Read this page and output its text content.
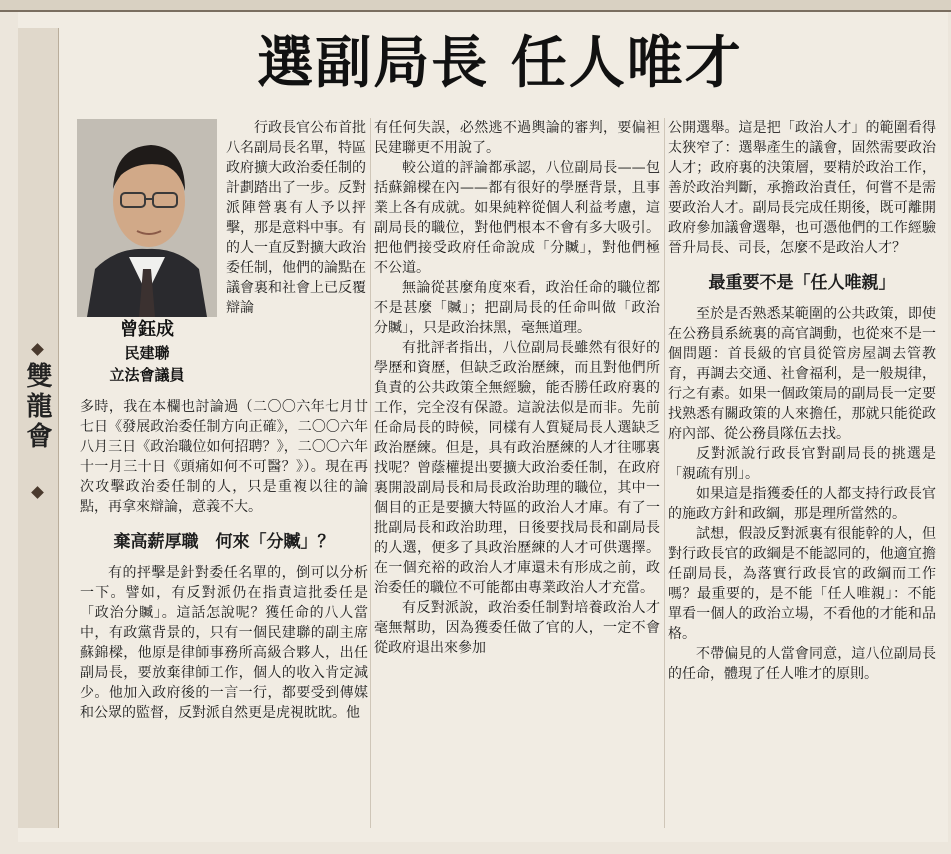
雙龍會
選副局長 任人唯才
曾鈺成
民建聯
立法會議員

行政長官公布首批八名副局長名單，特區政府擴大政治委任制的計劃踏出了一步。反對派陣營裏有人予以抨擊，那是意料中事。有的人一直反對擴大政治委任制，他們的論點在議會裏和社會上已反覆辯論

多時，我在本欄也討論過（二〇〇六年七月廿七日《發展政治委任制方向正確》，二〇〇六年八月三日《政治職位如何招聘？》，二〇〇六年十一月三十日《頭痛如何不可醫？》）。現在再次攻擊政治委任制的人，只是重複以往的論點，再拿來辯論，意義不大。

棄高薪厚職　何來「分贓」？

有的抨擊是針對委任名單的，倒可以分析一下。譬如，有反對派仍在指責這批委任是「政治分贓」。這話怎說呢？獲任命的八人當中，有政黨背景的，只有一個民建聯的副主席蘇錦樑，他原是律師事務所高級合夥人，出任副局長，要放棄律師工作，個人的收入肯定減少。他加入政府後的一言一行，都要受到傳媒和公眾的監督，反對派自然更是虎視眈眈。他

有任何失誤，必然逃不過輿論的審判，要偏袒民建聯更不用說了。

較公道的評論都承認，八位副局長——包括蘇錦樑在內——都有很好的學歷背景，且事業上各有成就。如果純粹從個人利益考慮，這副局長的職位，對他們根本不會有多大吸引。把他們接受政府任命說成「分贓」，對他們極不公道。

無論從甚麼角度來看，政治任命的職位都不是甚麼「贓」；把副局長的任命叫做「政治分贓」，只是政治抹黑，毫無道理。

有批評者指出，八位副局長雖然有很好的學歷和資歷，但缺乏政治歷練，而且對他們所負責的公共政策全無經驗，能否勝任政府裏的工作，完全沒有保證。這說法似是而非。先前任命局長的時候，同樣有人質疑局長人選缺乏政治歷練。但是，具有政治歷練的人才往哪裏找呢？曾蔭權提出要擴大政治委任制，在政府裏開設副局長和局長政治助理的職位，其中一個目的正是要擴大特區的政治人才庫。有了一批副局長和政治助理，日後要找局長和副局長的人選，便多了具政治歷練的人才可供選擇。在一個充裕的政治人才庫還未有形成之前，政治委任的職位不可能都由專業政治人才充當。

有反對派說，政治委任制對培養政治人才毫無幫助，因為獲委任做了官的人，一定不會從政府退出來參加

公開選舉。這是把「政治人才」的範圍看得太狹窄了：選舉產生的議會，固然需要政治人才；政府裏的決策層，要精於政治工作，善於政治判斷，承擔政治責任，何嘗不是需要政治人才。副局長完成任期後，既可離開政府參加議會選舉，也可憑他們的工作經驗晉升局長、司長，怎麼不是政治人才？

最重要不是「任人唯親」

至於是否熟悉某範圍的公共政策，即使在公務員系統裏的高官調動，也從來不是一個問題：首長級的官員從管房屋調去管教育，再調去交通、社會福利，是一般規律，行之有素。如果一個政策局的副局長一定要找熟悉有關政策的人來擔任，那就只能從政府內部、從公務員隊伍去找。

反對派說行政長官對副局長的挑選是「親疏有別」。

如果這是指獲委任的人都支持行政長官的施政方針和政綱，那是理所當然的。

試想，假設反對派裏有很能幹的人，但對行政長官的政綱是不能認同的，他適宜擔任副局長，為落實行政長官的政綱而工作嗎？最重要的，是不能「任人唯親」：不能單看一個人的政治立場，不看他的才能和品格。

不帶偏見的人當會同意，這八位副局長的任命，體現了任人唯才的原則。
